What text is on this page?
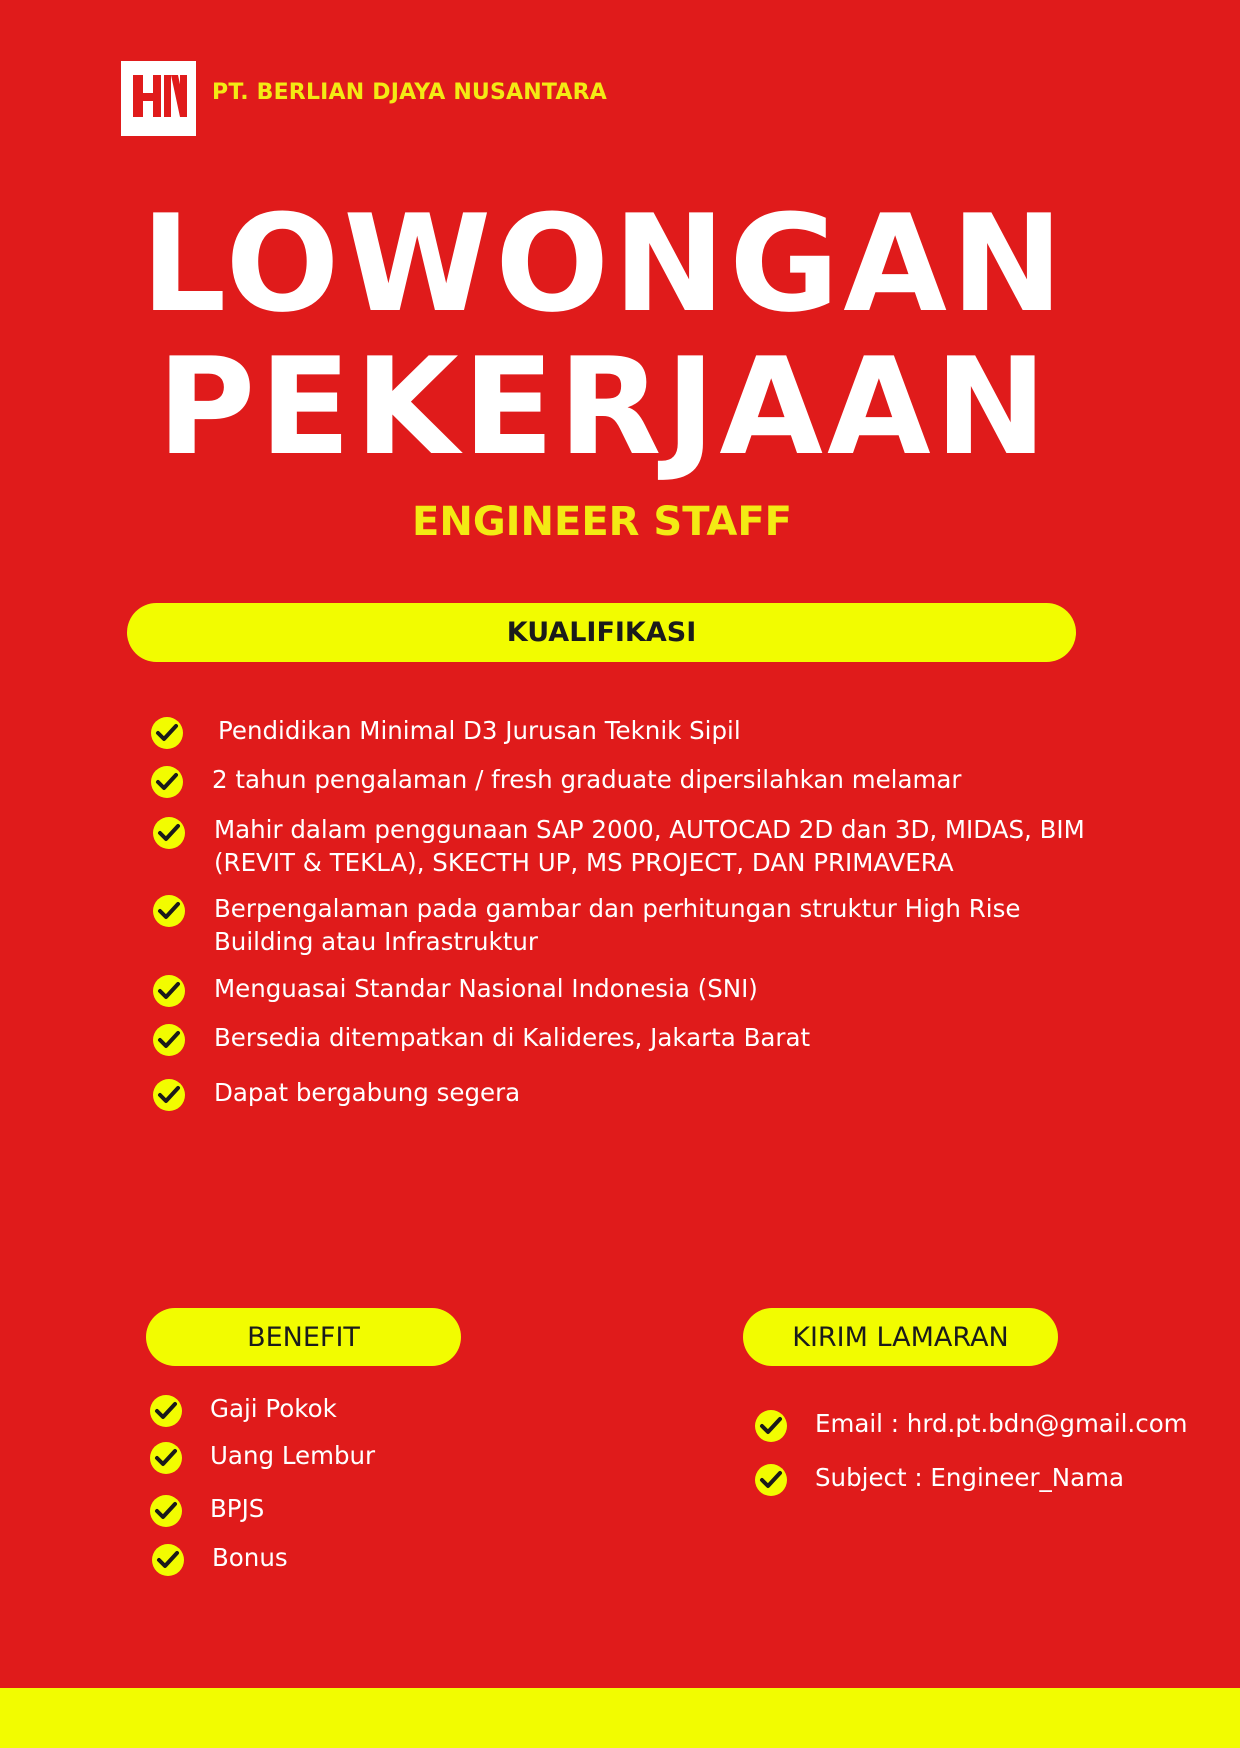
PT. BERLIAN DJAYA NUSANTARA
LOWONGAN
PEKERJAAN
ENGINEER STAFF
KUALIFIKASI
Pendidikan Minimal D3 Jurusan Teknik Sipil
2 tahun pengalaman / fresh graduate dipersilahkan melamar
Mahir dalam penggunaan SAP 2000, AUTOCAD 2D dan 3D, MIDAS, BIM
(REVIT & TEKLA), SKECTH UP, MS PROJECT, DAN PRIMAVERA
Berpengalaman pada gambar dan perhitungan struktur High Rise
Building atau Infrastruktur
Menguasai Standar Nasional Indonesia (SNI)
Bersedia ditempatkan di Kalideres, Jakarta Barat
Dapat bergabung segera
BENEFIT
Gaji Pokok
Uang Lembur
BPJS
Bonus
KIRIM LAMARAN
Email : hrd.pt.bdn@gmail.com
Subject : Engineer_Nama
